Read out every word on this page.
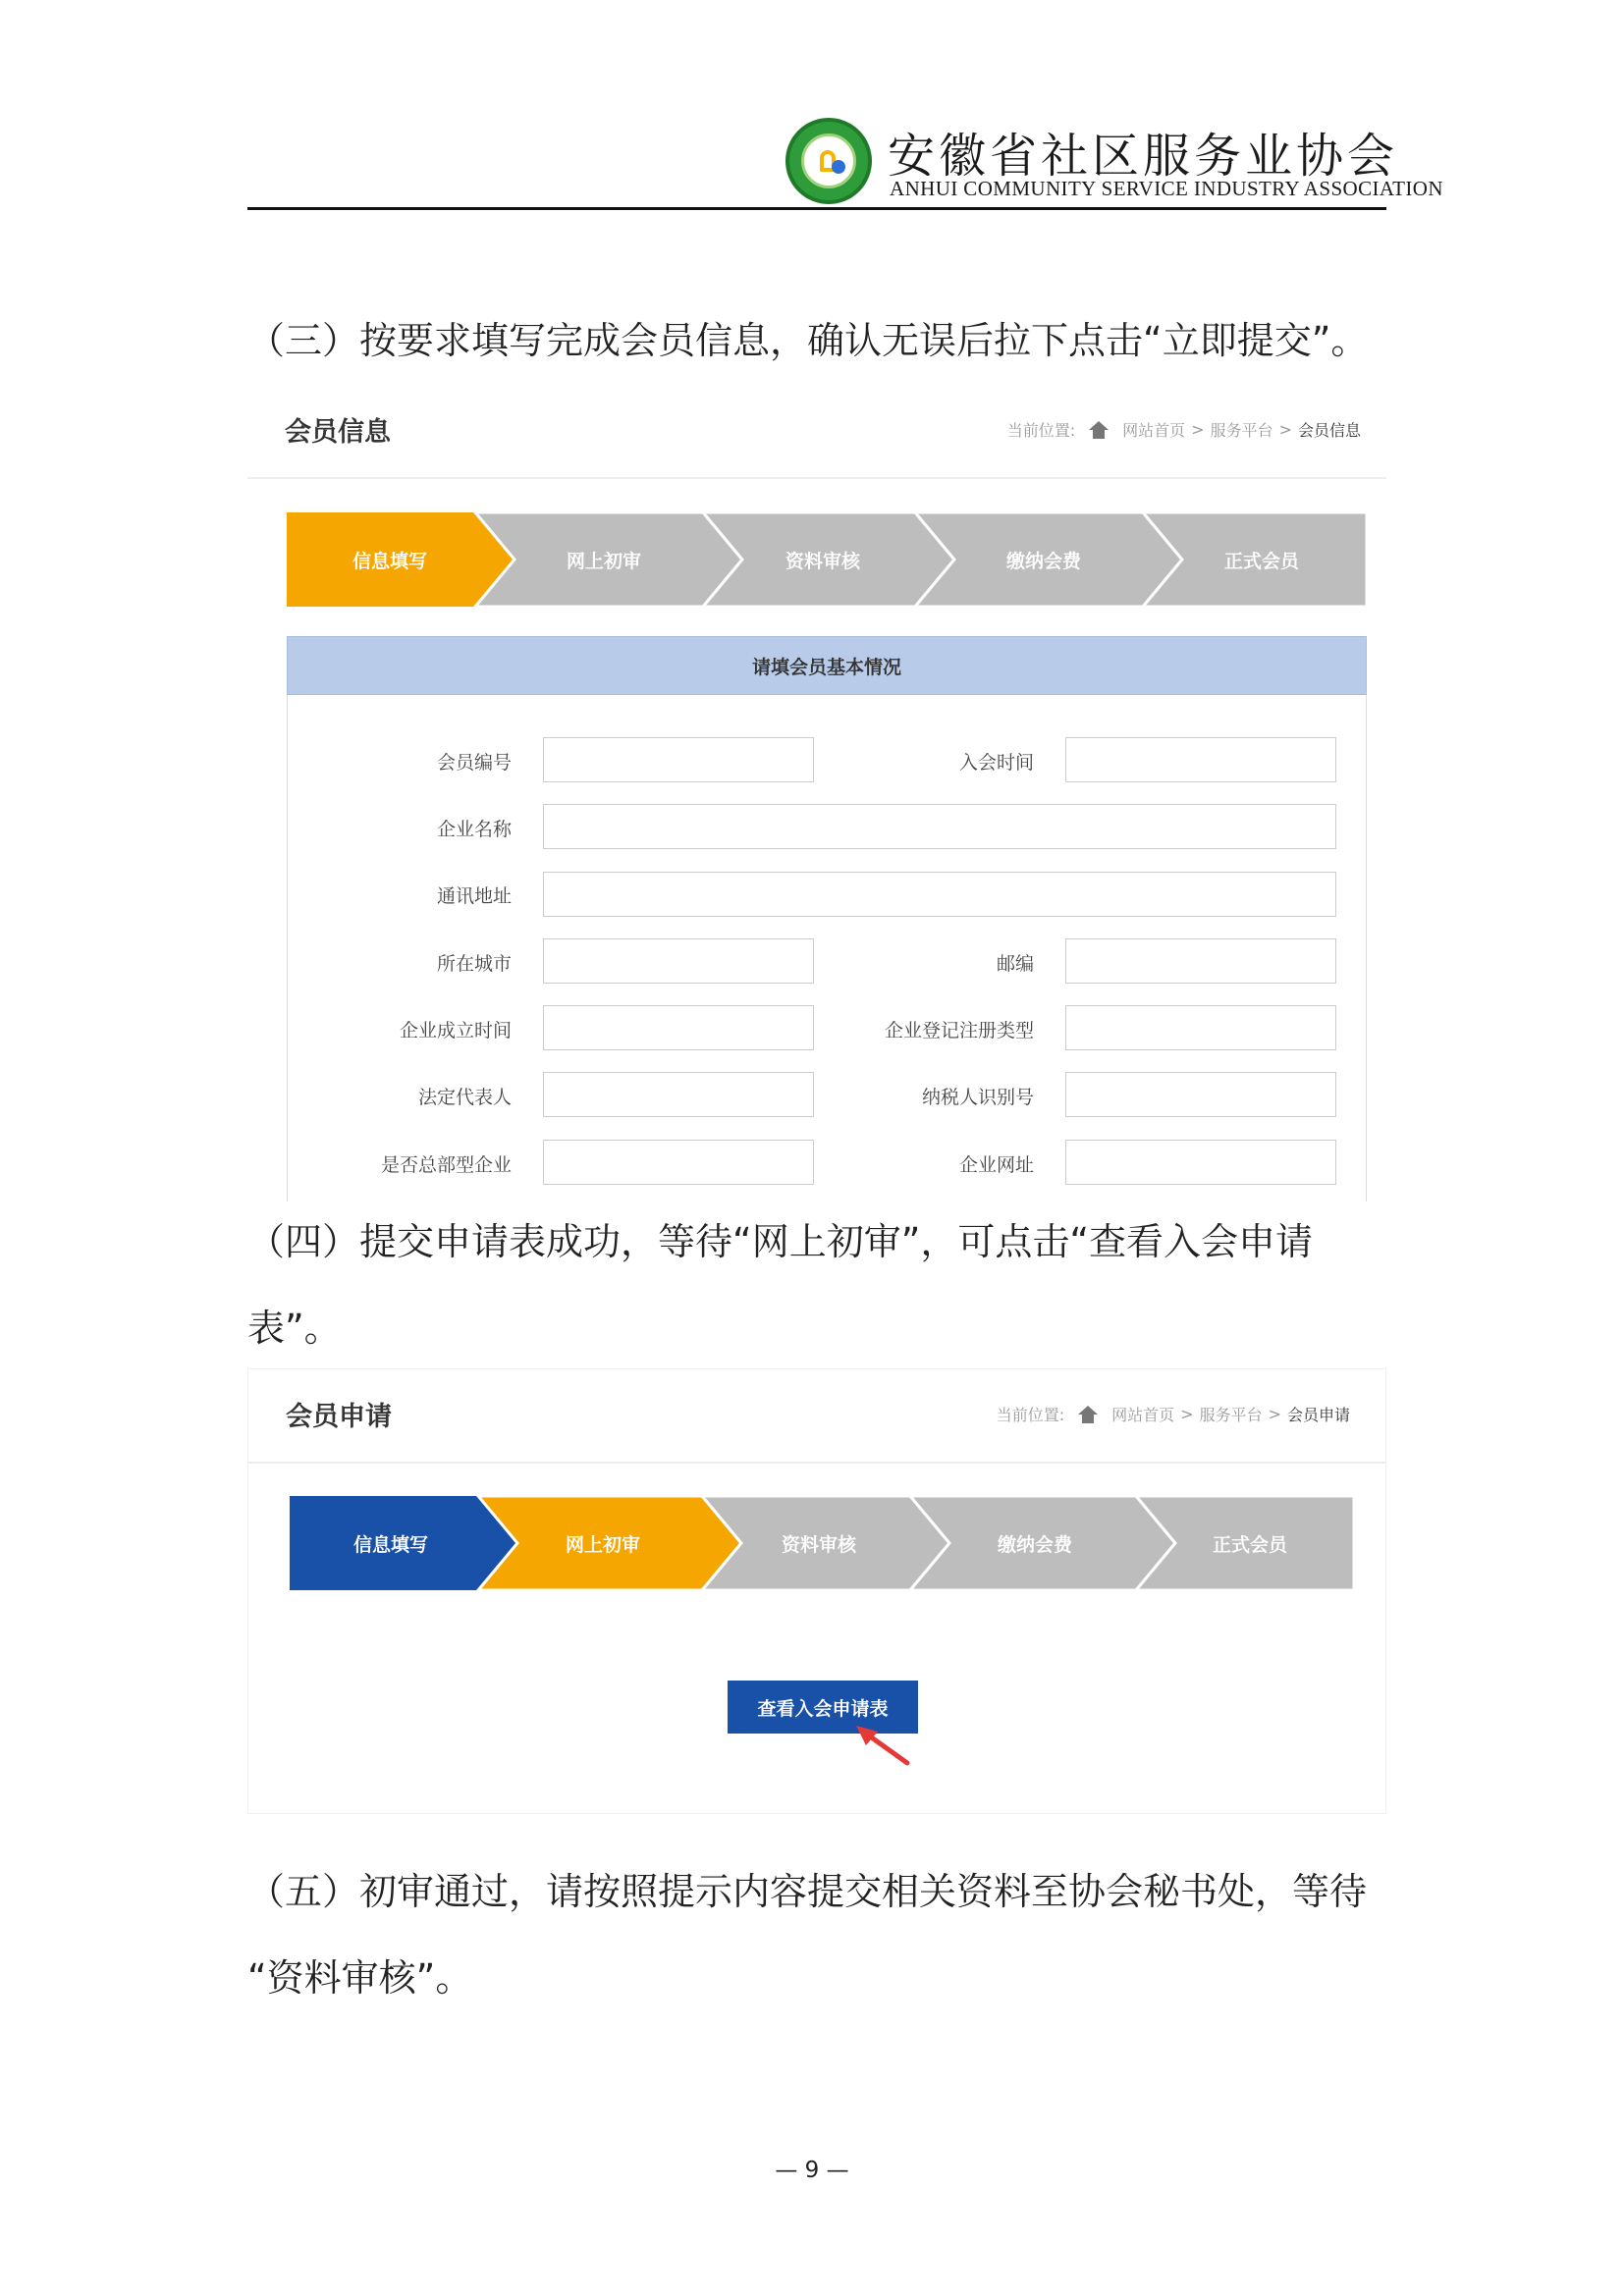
安徽省社区服务业协会
ANHUI COMMUNITY SERVICE INDUSTRY ASSOCIATION
（三）按要求填写完成会员信息，确认无误后拉下点击“立即提交”。
会员信息	当前位置:	网站首页 > 服务平台 > 会员信息
信息填写	网上初审	资料审核	缴纳会费	正式会员
请填会员基本情况
会员编号	入会时间
企业名称
通讯地址
所在城市	邮编
企业成立时间	企业登记注册类型
法定代表人	纳税人识别号
是否总部型企业	企业网址
（四）提交申请表成功，等待“网上初审”，可点击“查看入会申请
表”。
会员申请	当前位置:	网站首页 > 服务平台 > 会员申请
信息填写	网上初审	资料审核	缴纳会费	正式会员
查看入会申请表
（五）初审通过，请按照提示内容提交相关资料至协会秘书处，等待
“资料审核”。
— 9 —
